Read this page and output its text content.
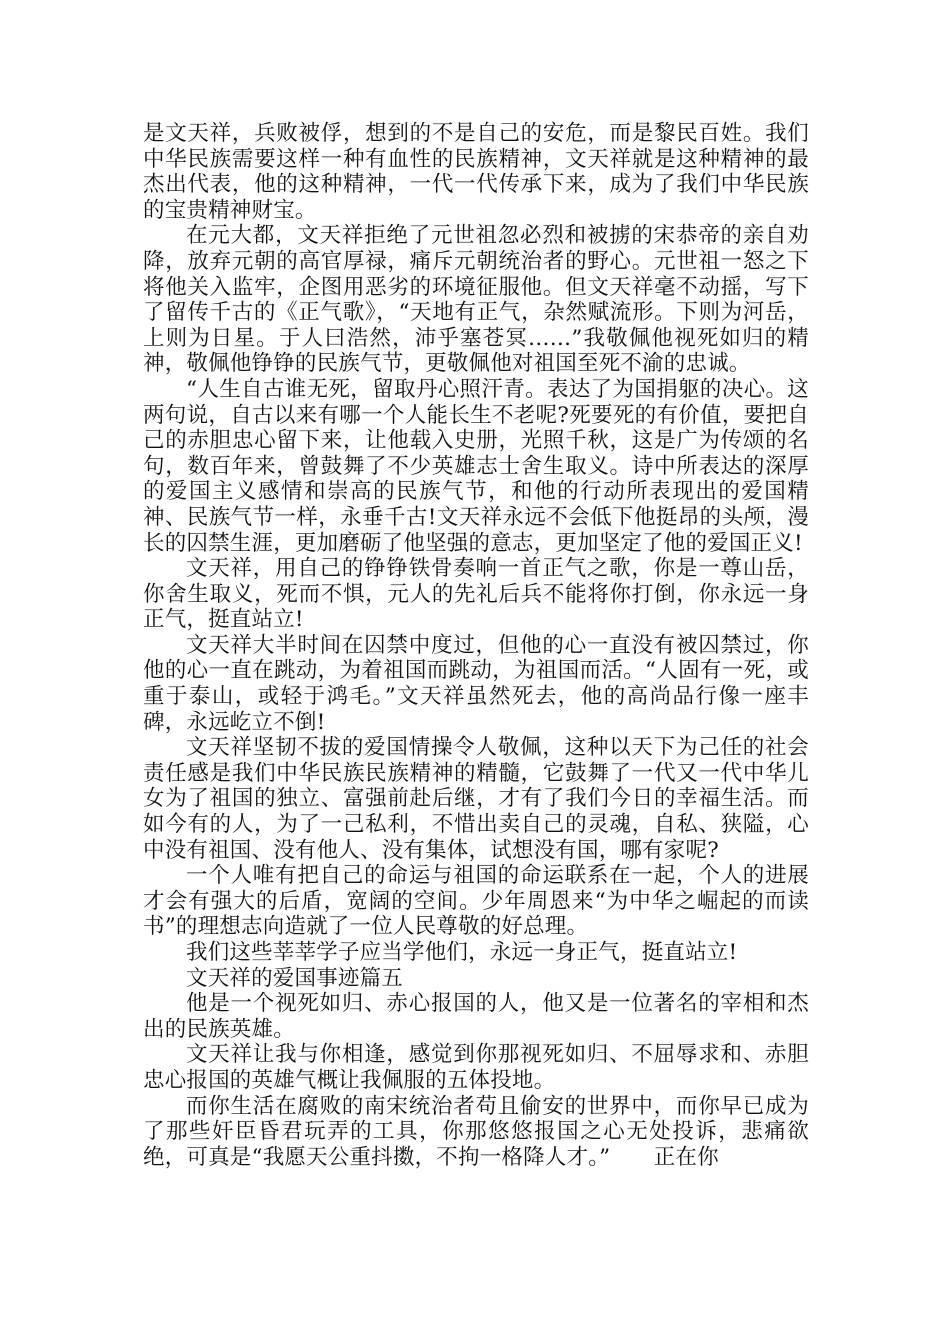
是文天祥，兵败被俘，想到的不是自己的安危，而是黎民百姓。我们中华民族需要这样一种有血性的民族精神，文天祥就是这种精神的最杰出代表，他的这种精神，一代一代传承下来，成为了我们中华民族的宝贵精神财宝。

在元大都，文天祥拒绝了元世祖忽必烈和被掳的宋恭帝的亲自劝降，放弃元朝的高官厚禄，痛斥元朝统治者的野心。元世祖一怒之下将他关入监牢，企图用恶劣的环境征服他。但文天祥毫不动摇，写下了留传千古的《正气歌》，“天地有正气，杂然赋流形。下则为河岳，上则为日星。于人曰浩然，沛乎塞苍冥……”我敬佩他视死如归的精神，敬佩他铮铮的民族气节，更敬佩他对祖国至死不渝的忠诚。

“人生自古谁无死，留取丹心照汗青。表达了为国捐躯的决心。这两句说，自古以来有哪一个人能长生不老呢?死要死的有价值，要把自己的赤胆忠心留下来，让他载入史册，光照千秋，这是广为传颂的名句，数百年来，曾鼓舞了不少英雄志士舍生取义。诗中所表达的深厚的爱国主义感情和崇高的民族气节，和他的行动所表现出的爱国精神、民族气节一样，永垂千古!文天祥永远不会低下他挺昂的头颅，漫长的囚禁生涯，更加磨砺了他坚强的意志，更加坚定了他的爱国正义!

文天祥，用自己的铮铮铁骨奏响一首正气之歌，你是一尊山岳，你舍生取义，死而不惧，元人的先礼后兵不能将你打倒，你永远一身正气，挺直站立!

文天祥大半时间在囚禁中度过，但他的心一直没有被囚禁过，你他的心一直在跳动，为着祖国而跳动，为祖国而活。“人固有一死，或重于泰山，或轻于鸿毛。”文天祥虽然死去，他的高尚品行像一座丰碑，永远屹立不倒!

文天祥坚韧不拔的爱国情操令人敬佩，这种以天下为己任的社会责任感是我们中华民族民族精神的精髓，它鼓舞了一代又一代中华儿女为了祖国的独立、富强前赴后继，才有了我们今日的幸福生活。而如今有的人，为了一己私利，不惜出卖自己的灵魂，自私、狭隘，心中没有祖国、没有他人、没有集体，试想没有国，哪有家呢?

一个人唯有把自己的命运与祖国的命运联系在一起，个人的进展才会有强大的后盾，宽阔的空间。少年周恩来“为中华之崛起的而读书”的理想志向造就了一位人民尊敬的好总理。

我们这些莘莘学子应当学他们，永远一身正气，挺直站立!

文天祥的爱国事迹篇五

他是一个视死如归、赤心报国的人，他又是一位著名的宰相和杰出的民族英雄。

文天祥让我与你相逢，感觉到你那视死如归、不屈辱求和、赤胆忠心报国的英雄气概让我佩服的五体投地。

而你生活在腐败的南宋统治者苟且偷安的世界中，而你早已成为了那些奸臣昏君玩弄的工具，你那悠悠报国之心无处投诉，悲痛欲绝，可真是“我愿天公重抖擞，不拘一格降人才。”　　正在你
